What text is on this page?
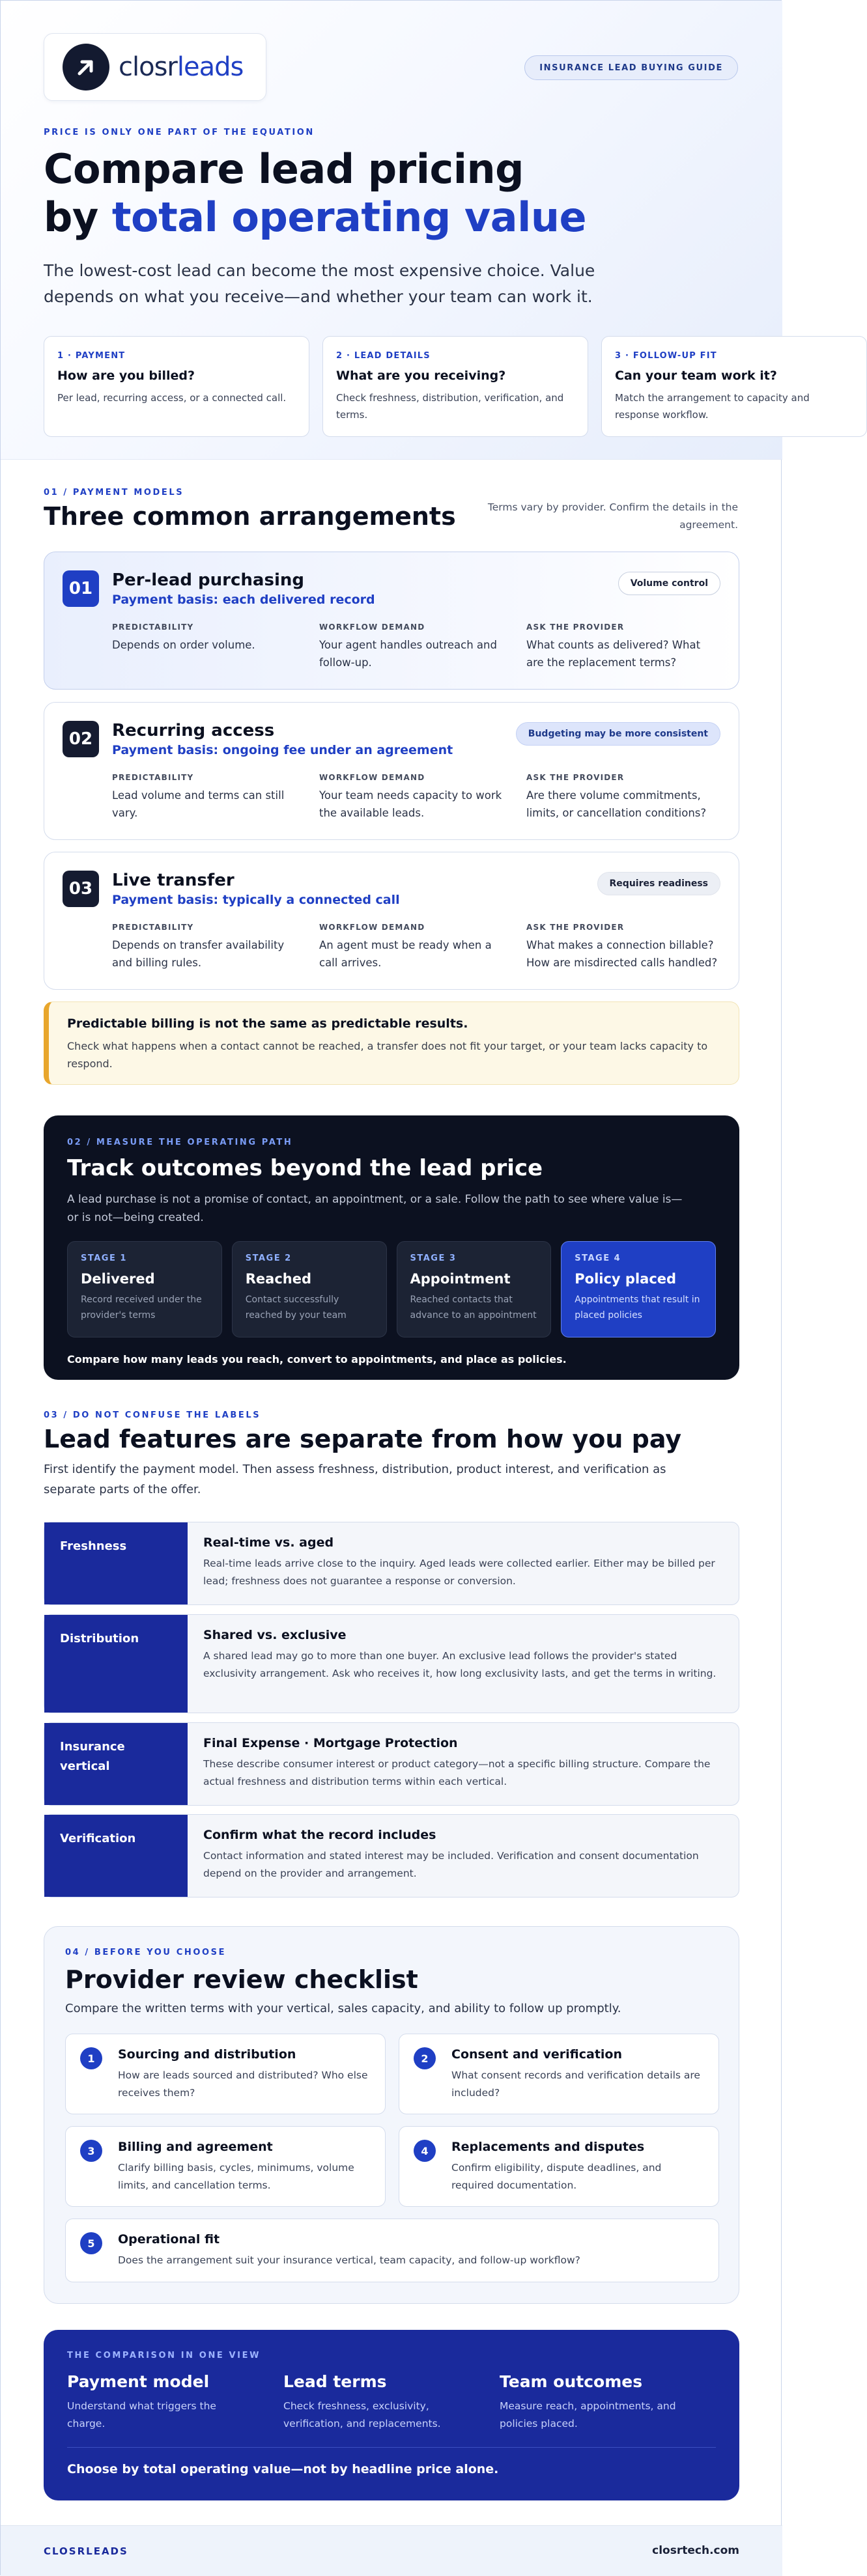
closrleads	INSURANCE LEAD BUYING GUIDE
PRICE IS ONLY ONE PART OF THE EQUATION
Compare lead pricing
by total operating value
The lowest-cost lead can become the most expensive choice. Value depends on what you receive—and whether your team can work it.
1 · PAYMENT
How are you billed?
Per lead, recurring access, or a connected call.
2 · LEAD DETAILS
What are you receiving?
Check freshness, distribution, verification, and terms.
3 · FOLLOW-UP FIT
Can your team work it?
Match the arrangement to capacity and response workflow.
01 / PAYMENT MODELS
Three common arrangements	Terms vary by provider. Confirm the details in the agreement.
01	Per-lead purchasing
Payment basis: each delivered record
Volume control
PREDICTABILITY
Depends on order volume.
WORKFLOW DEMAND
Your agent handles outreach and follow-up.
ASK THE PROVIDER
What counts as delivered? What are the replacement terms?
02	Recurring access
Payment basis: ongoing fee under an agreement
Budgeting may be more consistent
PREDICTABILITY
Lead volume and terms can still vary.
WORKFLOW DEMAND
Your team needs capacity to work the available leads.
ASK THE PROVIDER
Are there volume commitments, limits, or cancellation conditions?
03	Live transfer
Payment basis: typically a connected call
Requires readiness
PREDICTABILITY
Depends on transfer availability and billing rules.
WORKFLOW DEMAND
An agent must be ready when a call arrives.
ASK THE PROVIDER
What makes a connection billable? How are misdirected calls handled?
Predictable billing is not the same as predictable results.
Check what happens when a contact cannot be reached, a transfer does not fit your target, or your team lacks capacity to respond.
02 / MEASURE THE OPERATING PATH
Track outcomes beyond the lead price
A lead purchase is not a promise of contact, an appointment, or a sale. Follow the path to see where value is—or is not—being created.
STAGE 1
Delivered
Record received under the provider's terms
STAGE 2
Reached
Contact successfully reached by your team
STAGE 3
Appointment
Reached contacts that advance to an appointment
STAGE 4
Policy placed
Appointments that result in placed policies
Compare how many leads you reach, convert to appointments, and place as policies.
03 / DO NOT CONFUSE THE LABELS
Lead features are separate from how you pay
First identify the payment model. Then assess freshness, distribution, product interest, and verification as separate parts of the offer.
Freshness	Real-time vs. aged
Real-time leads arrive close to the inquiry. Aged leads were collected earlier. Either may be billed per lead; freshness does not guarantee a response or conversion.
Distribution	Shared vs. exclusive
A shared lead may go to more than one buyer. An exclusive lead follows the provider's stated exclusivity arrangement. Ask who receives it, how long exclusivity lasts, and get the terms in writing.
Insurance vertical
Final Expense · Mortgage Protection
These describe consumer interest or product category—not a specific billing structure. Compare the actual freshness and distribution terms within each vertical.
Verification	Confirm what the record includes
Contact information and stated interest may be included. Verification and consent documentation depend on the provider and arrangement.
04 / BEFORE YOU CHOOSE
Provider review checklist
Compare the written terms with your vertical, sales capacity, and ability to follow up promptly.
1	Sourcing and distribution
How are leads sourced and distributed? Who else receives them?
2	Consent and verification
What consent records and verification details are included?
3	Billing and agreement
Clarify billing basis, cycles, minimums, volume limits, and cancellation terms.
4	Replacements and disputes
Confirm eligibility, dispute deadlines, and required documentation.
5	Operational fit
Does the arrangement suit your insurance vertical, team capacity, and follow-up workflow?
THE COMPARISON IN ONE VIEW
Payment model
Understand what triggers the charge.
Lead terms
Check freshness, exclusivity, verification, and replacements.
Team outcomes
Measure reach, appointments, and policies placed.
Choose by total operating value—not by headline price alone.
CLOSRLEADS	closrtech.com
